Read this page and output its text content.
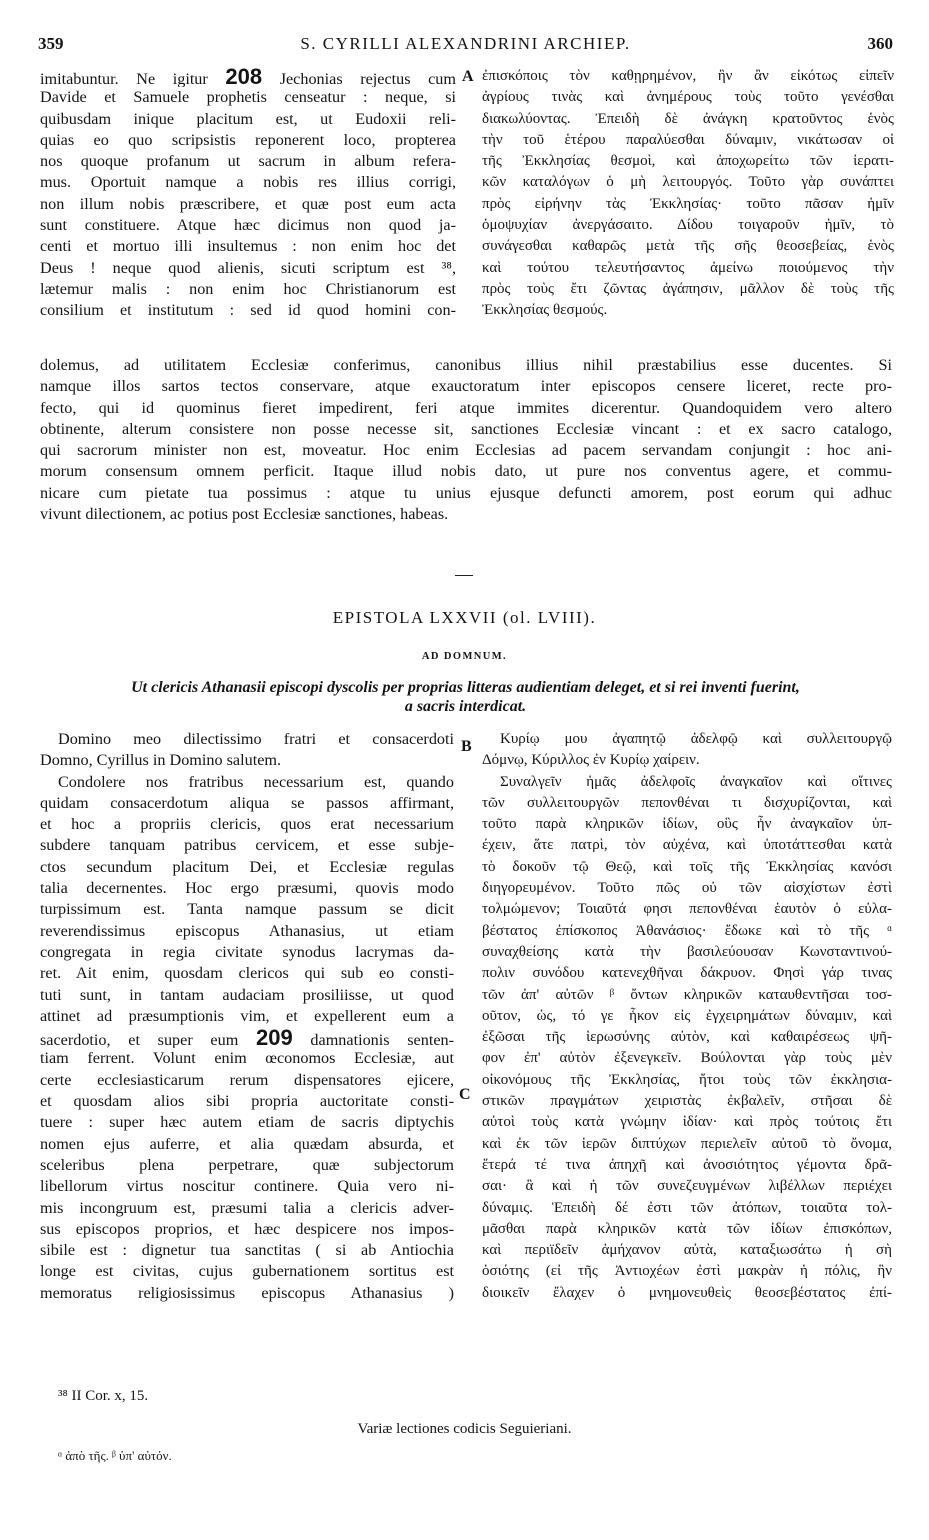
359	S. CYRILLI ALEXANDRINI ARCHIEP.	360
imitabuntur. Ne igitur 208 Jechonias rejectus cum
Davide et Samuele prophetis censeatur : neque, si
quibusdam inique placitum est, ut Eudoxii reli-
quias eo quo scripsistis reponerent loco, propterea
nos quoque profanum ut sacrum in album refera-
mus. Oportuit namque a nobis res illius corrigi,
non illum nobis præscribere, et quæ post eum acta
sunt constituere. Atque hæc dicimus non quod ja-
centi et mortuo illi insultemus : non enim hoc det
Deus ! neque quod alienis, sicuti scriptum est ³⁸,
lætemur malis : non enim hoc Christianorum est
consilium et institutum : sed id quod homini con-
A ἐπισκόποις τὸν καθῃρημένον, ἣν ἂν εἰκότως εἰπεῖν
ἀγρίους τινὰς καὶ ἀνημέρους τοὺς τοῦτο γενέσθαι
διακωλύοντας. Ἐπειδὴ δὲ ἀνάγκη κρατοῦντος ἑνὸς
τὴν τοῦ ἑτέρου παραλύεσθαι δύναμιν, νικάτωσαν οἱ
τῆς Ἐκκλησίας θεσμοὶ, καὶ ἀποχωρείτω τῶν ἱερατι-
κῶν καταλόγων ὁ μὴ λειτουργός. Τοῦτο γὰρ συνάπτει
πρὸς εἰρήνην τὰς Ἐκκλησίας· τοῦτο πᾶσαν ἡμῖν
ὁμοψυχίαν ἀνεργάσαιτο. Δίδου τοιγαροῦν ἡμῖν, τὸ
συνάγεσθαι καθαρῶς μετὰ τῆς σῆς θεοσεβείας, ἑνὸς
καὶ τούτου τελευτήσαντος ἀμείνω ποιούμενος τὴν
πρὸς τοὺς ἔτι ζῶντας ἀγάπησιν, μᾶλλον δὲ τοὺς τῆς
Ἐκκλησίας θεσμούς.
dolemus, ad utilitatem Ecclesiæ conferimus, canonibus illius nihil præstabilius esse ducentes. Si
namque illos sartos tectos conservare, atque exauctoratum inter episcopos censere liceret, recte pro-
fecto, qui id quominus fieret impedirent, feri atque immites dicerentur. Quandoquidem vero altero
obtinente, alterum consistere non posse necesse sit, sanctiones Ecclesiæ vincant : et ex sacro catalogo,
qui sacrorum minister non est, moveatur. Hoc enim Ecclesias ad pacem servandam conjungit : hoc ani-
morum consensum omnem perficit. Itaque illud nobis dato, ut pure nos conventus agere, et commu-
nicare cum pietate tua possimus : atque tu unius ejusque defuncti amorem, post eorum qui adhuc
vivunt dilectionem, ac potius post Ecclesiæ sanctiones, habeas.
EPISTOLA LXXVII (ol. LVIII).
AD DOMNUM.
Ut clericis Athanasii episcopi dyscolis per proprias litteras audientiam deleget, et si rei inventi fuerint,
a sacris interdicat.
Domino meo dilectissimo fratri et consacerdoti
Domno, Cyrillus in Domino salutem.
Condolere nos fratribus necessarium est, quando
quidam consacerdotum aliqua se passos affirmant,
et hoc a propriis clericis, quos erat necessarium
subdere tanquam patribus cervicem, et esse subje-
ctos secundum placitum Dei, et Ecclesiæ regulas
talia decernentes. Hoc ergo præsumi, quovis modo
turpissimum est. Tanta namque passum se dicit
reverendissimus episcopus Athanasius, ut etiam
congregata in regia civitate synodus lacrymas da-
ret. Ait enim, quosdam clericos qui sub eo consti-
tuti sunt, in tantam audaciam prosiliisse, ut quod
attinet ad præsumptionis vim, et expellerent eum a
sacerdotio, et super eum 209 damnationis senten-
tiam ferrent. Volunt enim œconomos Ecclesiæ, aut
certe ecclesiasticarum rerum dispensatores ejicere,
et quosdam alios sibi propria auctoritate consti-
tuere : super hæc autem etiam de sacris diptychis
nomen ejus auferre, et alia quædam absurda, et
sceleribus plena perpetrare, quæ subjectorum
libellorum virtus noscitur continere. Quia vero ni-
mis incongruum est, præsumi talia a clericis adver-
sus episcopos proprios, et hæc despicere nos impos-
sibile est : dignetur tua sanctitas ( si ab Antiochia
longe est civitas, cujus gubernationem sortitus est
memoratus religiosissimus episcopus Athanasius )
B
C
Κυρίῳ μου ἀγαπητῷ ἀδελφῷ καὶ συλλειτουργῷ
Δόμνῳ, Κύριλλος ἐν Κυρίῳ χαίρειν.
Συναλγεῖν ἡμᾶς ἀδελφοῖς ἀναγκαῖον καὶ οἵτινες
τῶν συλλειτουργῶν πεπονθέναι τι δισχυρίζονται, καὶ
τοῦτο παρὰ κληρικῶν ἰδίων, οὓς ἦν ἀναγκαῖον ὑπ-
έχειν, ἅτε πατρὶ, τὸν αὐχένα, καὶ ὑποτάττεσθαι κατὰ
τὸ δοκοῦν τῷ Θεῷ, καὶ τοῖς τῆς Ἐκκλησίας κανόσι
διηγορευμένον. Τοῦτο πῶς οὐ τῶν αἰσχίστων ἐστὶ
τολμώμενον; Τοιαῦτά φησι πεπονθέναι ἑαυτὸν ὁ εὐλα-
βέστατος ἐπίσκοπος Ἀθανάσιος· ἔδωκε καὶ τὸ τῆς ᵅ
συναχθείσης κατὰ τὴν βασιλεύουσαν Κωνσταντινού-
πολιν συνόδου κατενεχθῆναι δάκρυον. Φησὶ γάρ τινας
τῶν ἀπ' αὐτῶν ᵝ ὄντων κληρικῶν καταυθεντῆσαι τοσ-
οῦτον, ὡς, τό γε ἧκον εἰς ἐγχειρημάτων δύναμιν, καὶ
ἐξῶσαι τῆς ἱερωσύνης αὐτὸν, καὶ καθαιρέσεως ψῆ-
φον ἐπ' αὐτὸν ἐξενεγκεῖν. Βούλονται γὰρ τοὺς μὲν
οἰκονόμους τῆς Ἐκκλησίας, ἤτοι τοὺς τῶν ἐκκλησια-
στικῶν πραγμάτων χειριστὰς ἐκβαλεῖν, στῆσαι δὲ
αὐτοὶ τοὺς κατὰ γνώμην ἰδίαν· καὶ πρὸς τούτοις ἔτι
καὶ ἐκ τῶν ἱερῶν διπτύχων περιελεῖν αὐτοῦ τὸ ὄνομα,
ἕτερά τέ τινα ἀπηχῆ καὶ ἀνοσιότητος γέμοντα δρᾶ-
σαι· ἃ καὶ ἡ τῶν συνεζευγμένων λιβέλλων περιέχει
δύναμις. Ἐπειδὴ δέ ἐστι τῶν ἀτόπων, τοιαῦτα τολ-
μᾶσθαι παρὰ κληρικῶν κατὰ τῶν ἰδίων ἐπισκόπων,
καὶ περιϊδεῖν ἀμήχανον αὐτὰ, καταξιωσάτω ἡ σὴ
ὁσιότης (εἰ τῆς Ἀντιοχέων ἐστὶ μακρὰν ἡ πόλις, ἣν
διοικεῖν ἔλαχεν ὁ μνημονευθεὶς θεοσεβέστατος ἐπί-
³⁸ II Cor. x, 15.
Variæ lectiones codicis Seguieriani.
ᵅ ἀπὸ τῆς. ᵝ ὑπ' αὐτόν.
